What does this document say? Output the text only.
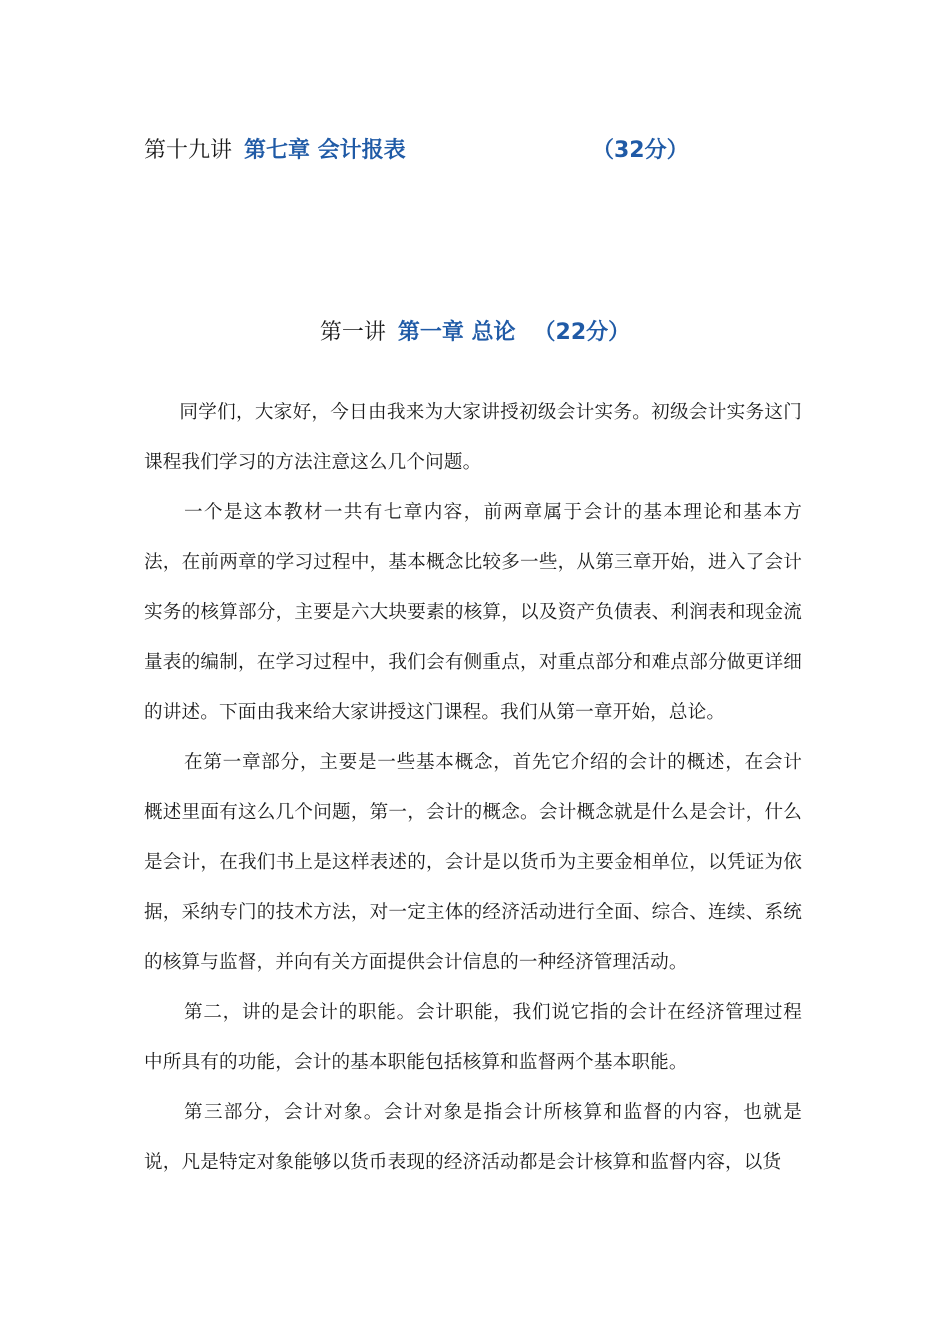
第十九讲 第七章 会计报表	（32分）
第一讲 第一章 总论 （22分）

同学们，大家好，今日由我来为大家讲授初级会计实务。初级会计实务这门课程我们学习的方法注意这么几个问题。

一个是这本教材一共有七章内容，前两章属于会计的基本理论和基本方法，在前两章的学习过程中，基本概念比较多一些，从第三章开始，进入了会计实务的核算部分，主要是六大块要素的核算，以及资产负债表、利润表和现金流量表的编制，在学习过程中，我们会有侧重点，对重点部分和难点部分做更详细的讲述。下面由我来给大家讲授这门课程。我们从第一章开始，总论。

在第一章部分，主要是一些基本概念，首先它介绍的会计的概述，在会计概述里面有这么几个问题，第一，会计的概念。会计概念就是什么是会计，什么是会计，在我们书上是这样表述的，会计是以货币为主要金相单位，以凭证为依据，采纳专门的技术方法，对一定主体的经济活动进行全面、综合、连续、系统的核算与监督，并向有关方面提供会计信息的一种经济管理活动。

第二，讲的是会计的职能。会计职能，我们说它指的会计在经济管理过程中所具有的功能，会计的基本职能包括核算和监督两个基本职能。

第三部分，会计对象。会计对象是指会计所核算和监督的内容，也就是说，凡是特定对象能够以货币表现的经济活动都是会计核算和监督内容，以货
